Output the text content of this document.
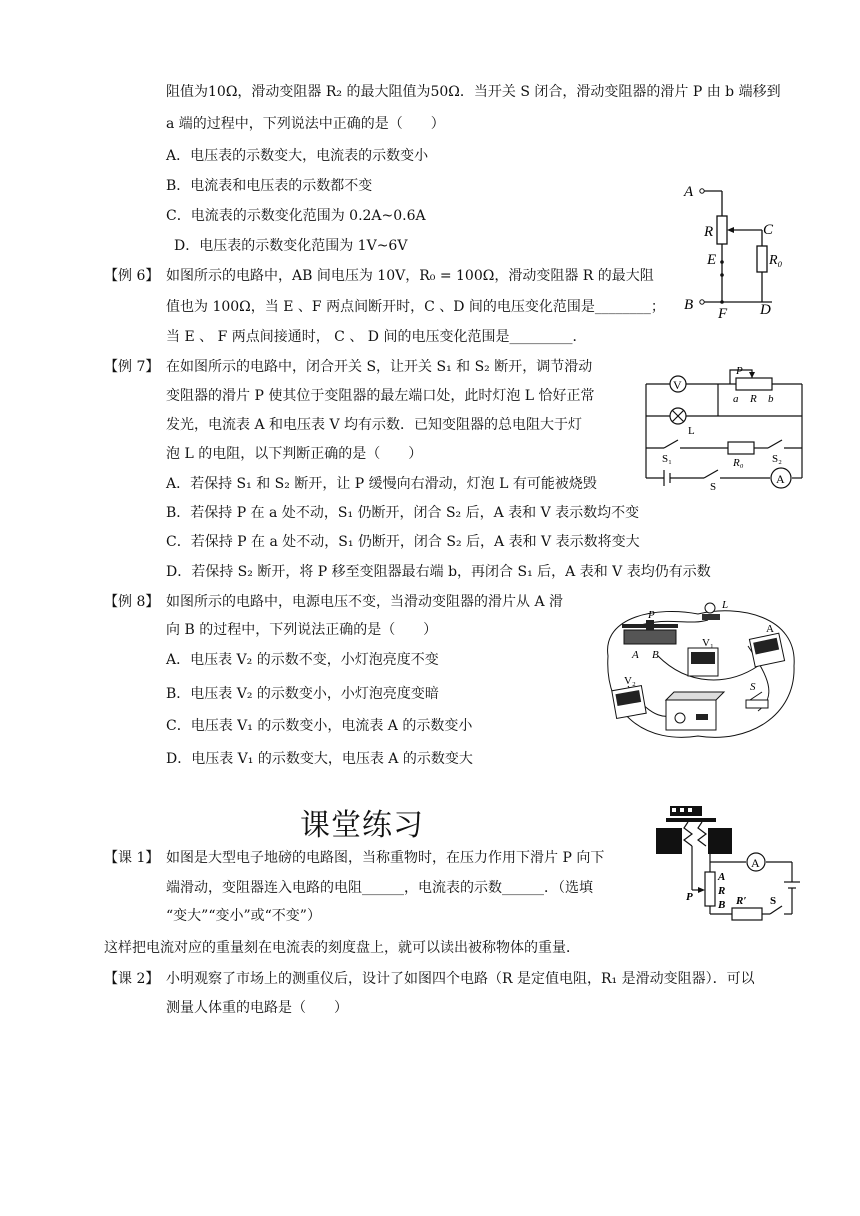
阻值为10Ω，滑动变阻器 R₂ 的最大阻值为50Ω．当开关 S 闭合，滑动变阻器的滑片 P 由 b 端移到
a 端的过程中，下列说法中正确的是（　　）
A．电压表的示数变大，电流表的示数变小
B．电流表和电压表的示数都不变
C．电流表的示数变化范围为 0.2A~0.6A
D．电压表的示数变化范围为 1V~6V
【例 6】 如图所示的电路中，AB 间电压为 10V，R₀ = 100Ω，滑动变阻器 R 的最大阻
值也为 100Ω，当 E 、F 两点间断开时，C 、D 间的电压变化范围是________；
当 E 、 F 两点间接通时， C 、 D 间的电压变化范围是_________．
A
B
C
D
E
F
R
R₀
【例 7】 在如图所示的电路中，闭合开关 S，让开关 S₁ 和 S₂ 断开，调节滑动
变阻器的滑片 P 使其位于变阻器的最左端口处，此时灯泡 L 恰好正常
发光，电流表 A 和电压表 V 均有示数．已知变阻器的总电阻大于灯
泡 L 的电阻，以下判断正确的是（　　）
A．若保持 S₁ 和 S₂ 断开，让 P 缓慢向右滑动，灯泡 L 有可能被烧毁
B．若保持 P 在 a 处不动，S₁ 仍断开，闭合 S₂ 后，A 表和 V 表示数均不变
C．若保持 P 在 a 处不动，S₁ 仍断开，闭合 S₂ 后，A 表和 V 表示数将变大
D．若保持 S₂ 断开，将 P 移至变阻器最右端 b，再闭合 S₁ 后，A 表和 V 表均仍有示数
V
A
P
a R b
L
S₁	R₀	S₂
S
【例 8】 如图所示的电路中，电源电压不变，当滑动变阻器的滑片从 A 滑
向 B 的过程中，下列说法正确的是（　　）
A．电压表 V₂ 的示数不变，小灯泡亮度不变
B．电压表 V₂ 的示数变小，小灯泡亮度变暗
C．电压表 V₁ 的示数变小，电流表 A 的示数变小
D．电压表 V₁ 的示数变大，电压表 A 的示数变大
P
A B
L
V₁
A
V₂	S
课堂练习
【课 1】 如图是大型电子地磅的电路图，当称重物时，在压力作用下滑片 P 向下
端滑动，变阻器连入电路的电阻______，电流表的示数______．（选填
“变大”“变小”或“不变”）
这样把电流对应的重量刻在电流表的刻度盘上，就可以读出被称物体的重量．
A
A
R
B
P	R′ S
【课 2】 小明观察了市场上的测重仪后，设计了如图四个电路（R 是定值电阻，R₁ 是滑动变阻器）．可以
测量人体重的电路是（　　）
